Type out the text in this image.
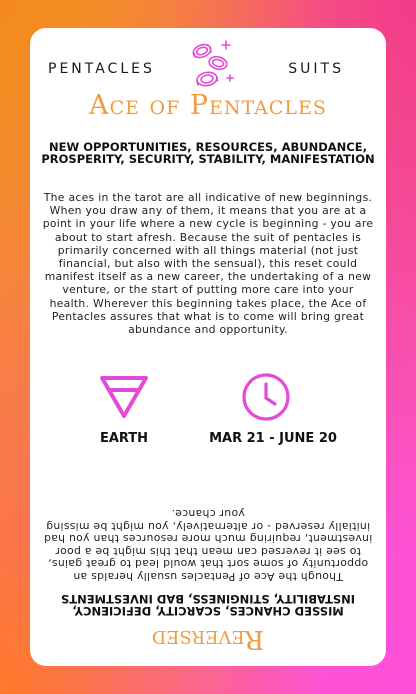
PENTACLES	SUITS
Ace of Pentacles
NEW OPPORTUNITIES, RESOURCES, ABUNDANCE, PROSPERITY, SECURITY, STABILITY, MANIFESTATION
The aces in the tarot are all indicative of new beginnings. When you draw any of them, it means that you are at a point in your life where a new cycle is beginning - you are about to start afresh. Because the suit of pentacles is primarily concerned with all things material (not just financial, but also with the sensual), this reset could manifest itself as a new career, the undertaking of a new venture, or the start of putting more care into your health. Wherever this beginning takes place, the Ace of Pentacles assures that what is to come will bring great abundance and opportunity.
EARTH	MAR 21 - JUNE 20
Reversed
MISSED CHANCES, SCARCITY, DEFICIENCY, INSTABILITY, STINGINESS, BAD INVESTMENTS
Though the Ace of Pentacles usually heralds an opportunity of some sort that would lead to great gains, to see it reversed can mean that this might be a poor investment, requiring much more resources than you had initially reserved - or alternatively, you might be missing your chance.
